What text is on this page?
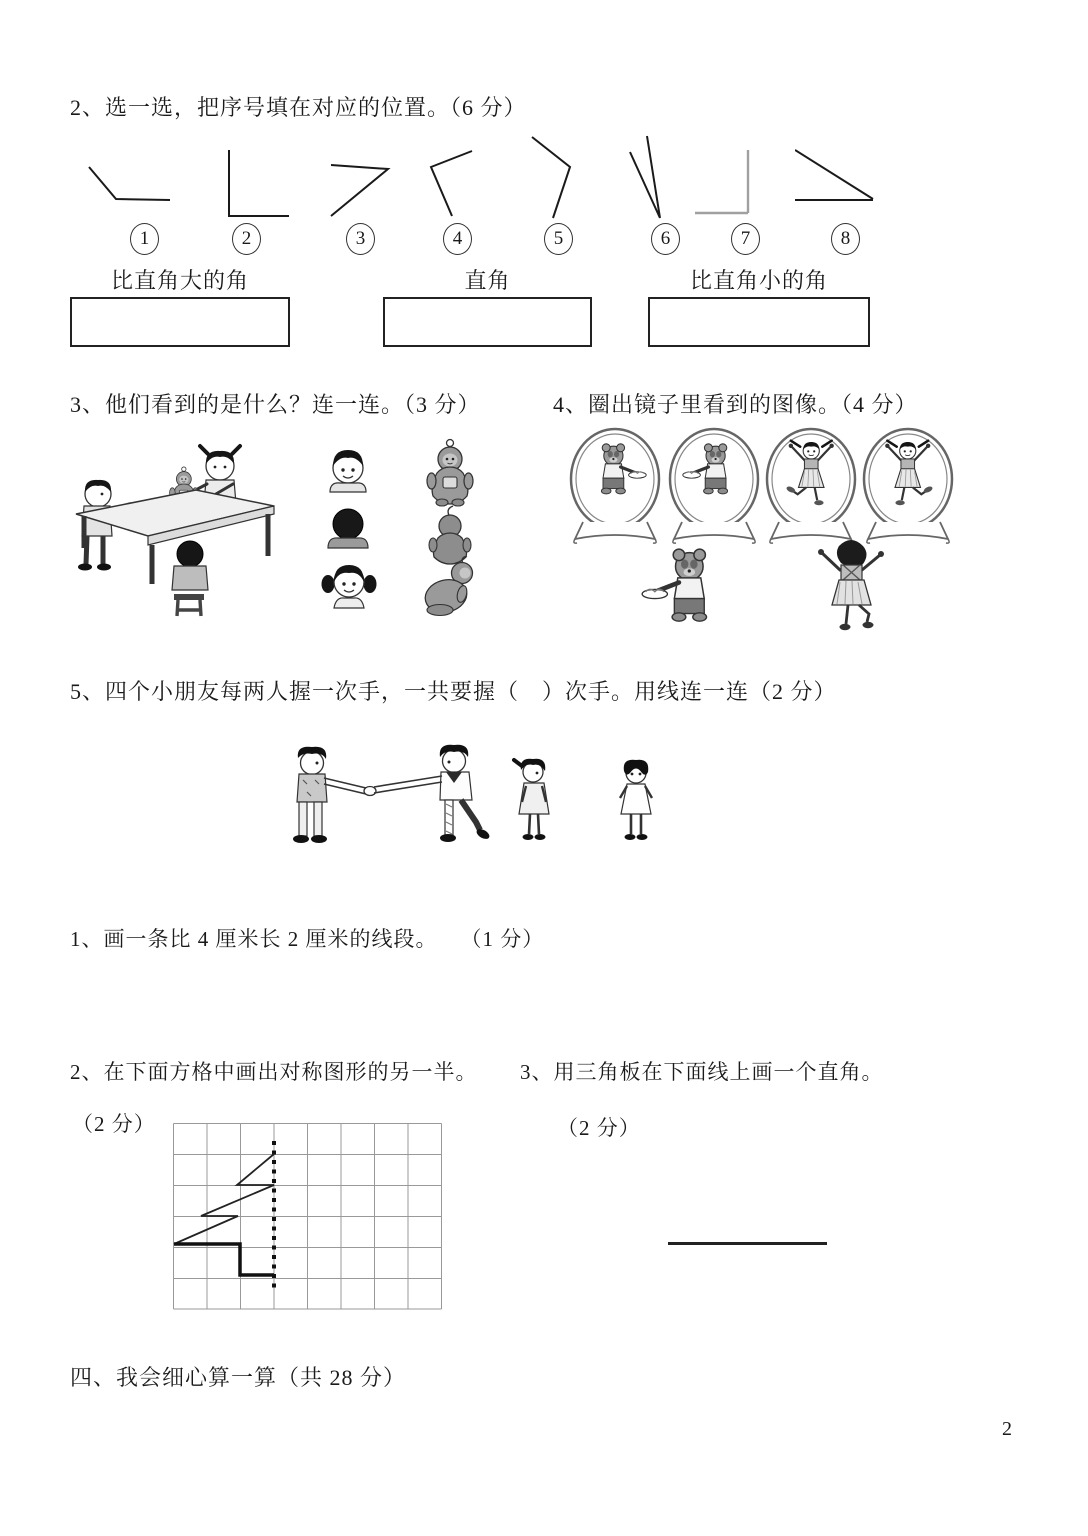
2、选一选，把序号填在对应的位置。（6 分）
1	2	3	4	5	6	7	8
比直角大的角	直角	比直角小的角
3、他们看到的是什么？连一连。（3 分）	4、圈出镜子里看到的图像。（4 分）
5、四个小朋友每两人握一次手，一共要握（　）次手。用线连一连（2 分）
1、画一条比 4 厘米长 2 厘米的线段。　　（1 分）
2、在下面方格中画出对称图形的另一半。 3、用三角板在下面线上画一个直角。
（2 分）	（2 分）
四、我会细心算一算（共 28 分）
2
